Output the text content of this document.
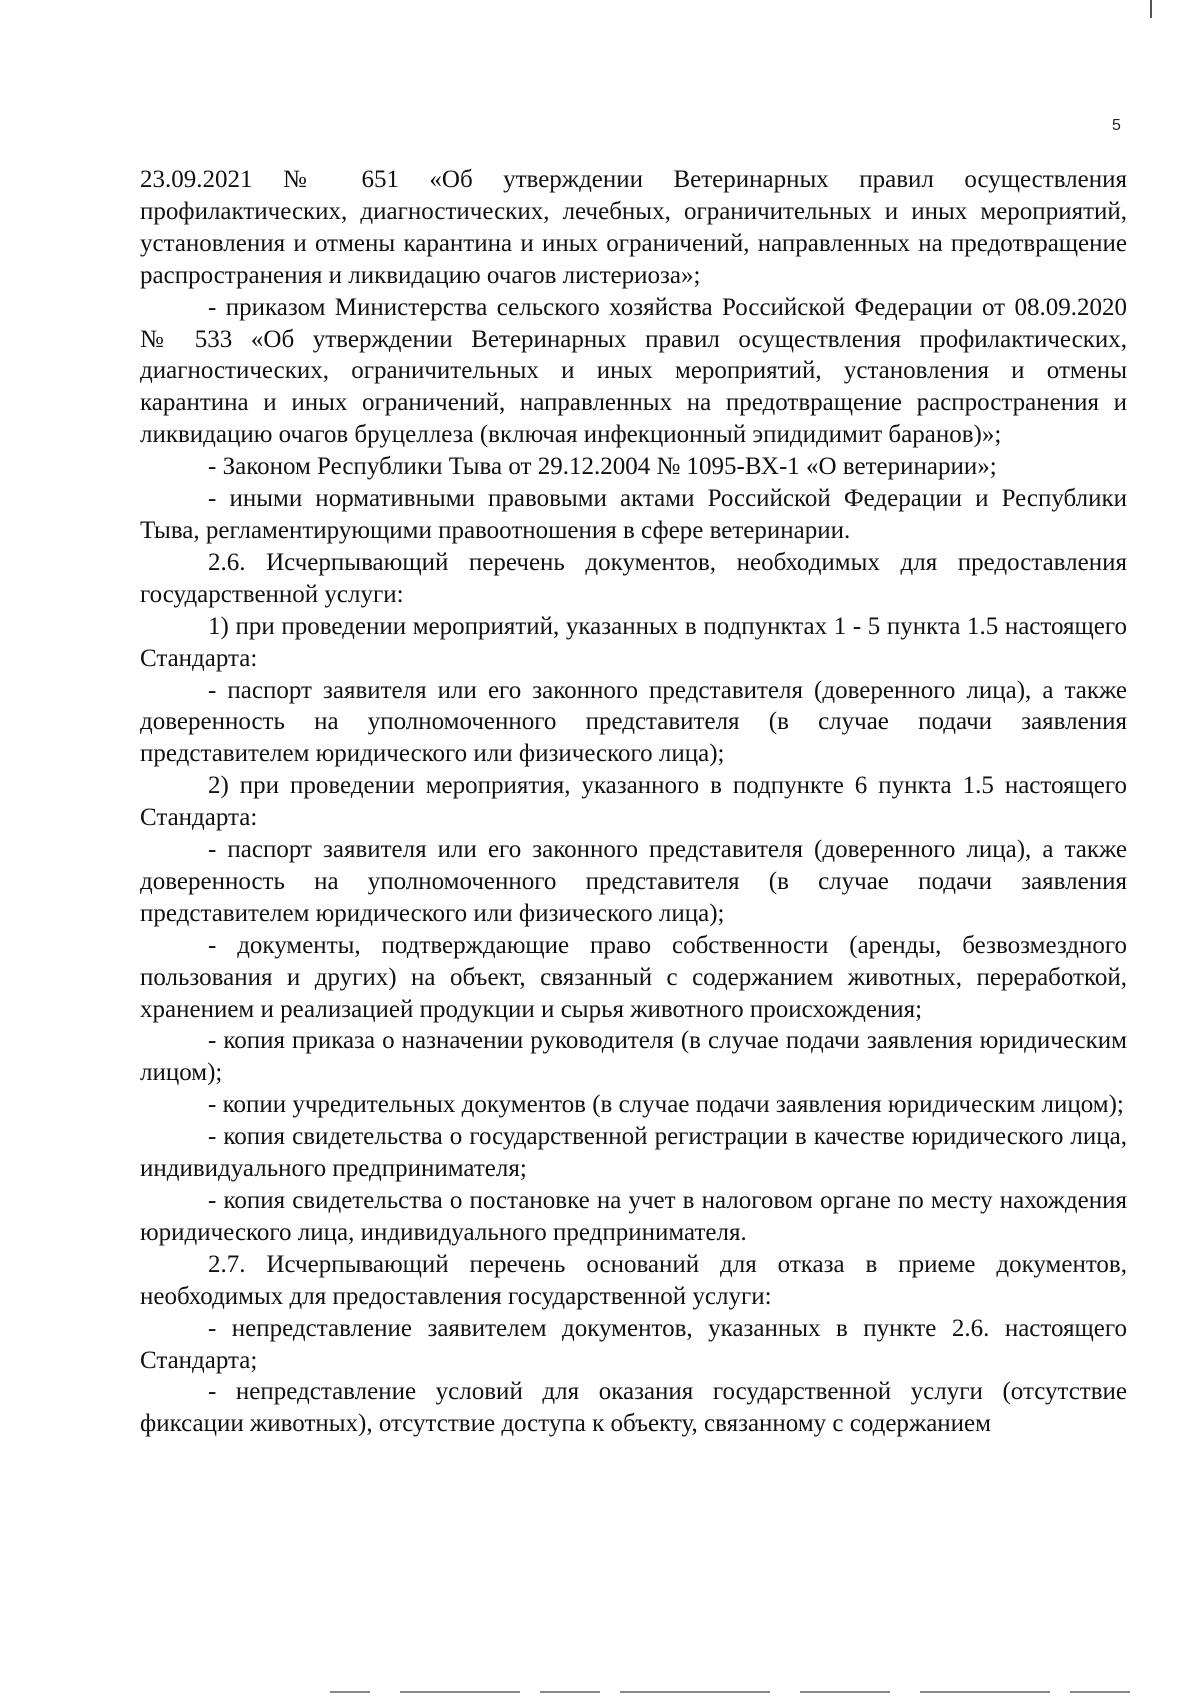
5

23.09.2021 № 651 «Об утверждении Ветеринарных правил осуществления профилактических, диагностических, лечебных, ограничительных и иных мероприятий, установления и отмены карантина и иных ограничений, направленных на предотвращение распространения и ликвидацию очагов листериоза»;

- приказом Министерства сельского хозяйства Российской Федерации от 08.09.2020 № 533 «Об утверждении Ветеринарных правил осуществления профилактических, диагностических, ограничительных и иных мероприятий, установления и отмены карантина и иных ограничений, направленных на предотвращение распространения и ликвидацию очагов бруцеллеза (включая инфекционный эпидидимит баранов)»;

- Законом Республики Тыва от 29.12.2004 № 1095-ВХ-1 «О ветеринарии»;

- иными нормативными правовыми актами Российской Федерации и Республики Тыва, регламентирующими правоотношения в сфере ветеринарии.

2.6. Исчерпывающий перечень документов, необходимых для предоставления государственной услуги:

1) при проведении мероприятий, указанных в подпунктах 1 - 5 пункта 1.5 настоящего Стандарта:

- паспорт заявителя или его законного представителя (доверенного лица), а также доверенность на уполномоченного представителя (в случае подачи заявления представителем юридического или физического лица);

2) при проведении мероприятия, указанного в подпункте 6 пункта 1.5 настоящего Стандарта:

- паспорт заявителя или его законного представителя (доверенного лица), а также доверенность на уполномоченного представителя (в случае подачи заявления представителем юридического или физического лица);

- документы, подтверждающие право собственности (аренды, безвозмездного пользования и других) на объект, связанный с содержанием животных, переработкой, хранением и реализацией продукции и сырья животного происхождения;

- копия приказа о назначении руководителя (в случае подачи заявления юридическим лицом);

- копии учредительных документов (в случае подачи заявления юридическим лицом);

- копия свидетельства о государственной регистрации в качестве юридического лица, индивидуального предпринимателя;

- копия свидетельства о постановке на учет в налоговом органе по месту нахождения юридического лица, индивидуального предпринимателя.

2.7. Исчерпывающий перечень оснований для отказа в приеме документов, необходимых для предоставления государственной услуги:

- непредставление заявителем документов, указанных в пункте 2.6. настоящего Стандарта;

- непредставление условий для оказания государственной услуги (отсутствие фиксации животных), отсутствие доступа к объекту, связанному с содержанием
